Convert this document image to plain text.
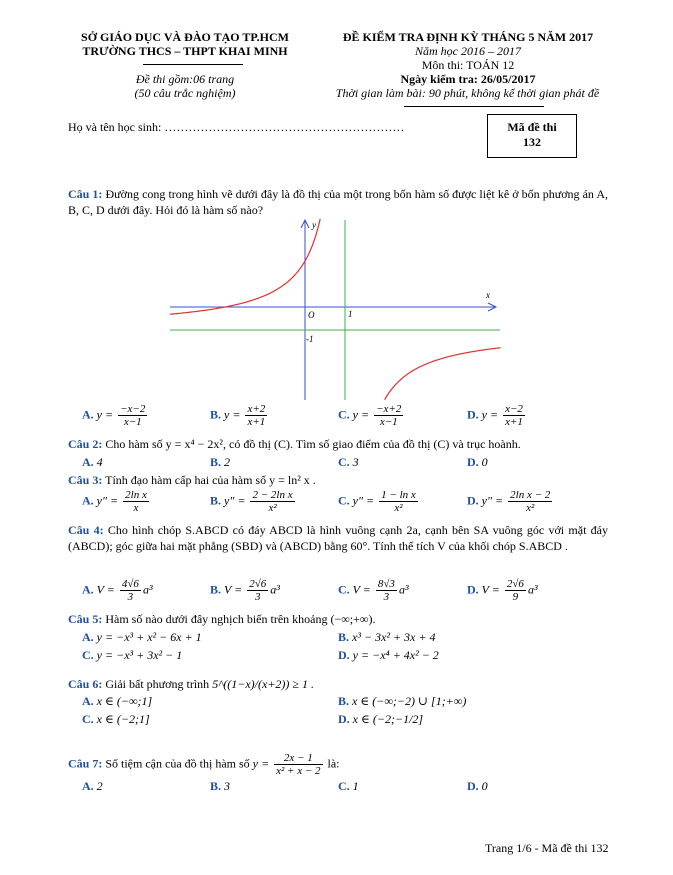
SỞ GIÁO DỤC VÀ ĐÀO TẠO TP.HCM
TRƯỜNG THCS – THPT KHAI MINH
Đề thi gồm:06 trang
(50 câu trắc nghiệm)
ĐỀ KIỂM TRA ĐỊNH KỲ THÁNG 5 NĂM 2017
Năm học 2016 – 2017
Môn thi: TOÁN 12
Ngày kiểm tra: 26/05/2017
Thời gian làm bài: 90 phút, không kể thời gian phát đề
Họ và tên học sinh: ……………………………………………………	Mã đề thi
132
Câu 1: Đường cong trong hình vẽ dưới đây là đồ thị của một trong bốn hàm số được liệt kê ở bốn phương án A, B, C, D dưới đây. Hỏi đó là hàm số nào?
x
y
O	1
-1
A. $y = \frac{-x-2}{x-1}$	B. $y = \frac{x+2}{x+1}$	C. $y = \frac{-x+2}{x-1}$	D. $y = \frac{x-2}{x+1}$
Câu 2: Cho hàm số y = x⁴ − 2x², có đồ thị (C). Tìm số giao điểm của đồ thị (C) và trục hoành.
A. 4	B. 2	C. 3	D. 0
Câu 3: Tính đạo hàm cấp hai của hàm số y = ln² x .
A. y" = $\frac{\text{2ln x}}{x}$	B. y" = $\frac{\text{2 − 2ln x}}{\text{x²}}$	C. y" = $\frac{\text{1 − ln x}}{\text{x²}}$	D. y" = $\frac{\text{2ln x − 2}}{\text{x²}}$
Câu 4: Cho hình chóp S.ABCD có đáy ABCD là hình vuông cạnh 2a, cạnh bên SA vuông góc với mặt đáy (ABCD); góc giữa hai mặt phẳng (SBD) và (ABCD) bằng 60°. Tính thể tích V của khối chóp S.ABCD .
A. $V = \frac{4√6}{3} a^3$	B. $V = \frac{2√6}{3} a^3$	C. $V = \frac{8√3}{3} a^3$	D. $V = \frac{2√6}{9} a^3$
Câu 5: Hàm số nào dưới đây nghịch biến trên khoảng (−∞;+∞).
A. y = −x³ + x² − 6x + 1	B. x³ − 3x² + 3x + 4
C. y = −x³ + 3x² − 1	D. y = −x⁴ + 4x² − 2
Câu 6: Giải bất phương trình 5^((1−x)/(x+2)) ≥ 1 .
A. x ∈ (−∞;1]	B. x ∈ (−∞;−2) ∪ [1;+∞)
C. x ∈ (−2;1]	D. x ∈ (−2;−1/2]
Câu 7: Số tiệm cận của đồ thị hàm số $y = \frac{2x - 1}{\text{x² + x − 2}}$ là:
A. 2	B. 3	C. 1	D. 0
Trang 1/6 - Mã đề thi 132
